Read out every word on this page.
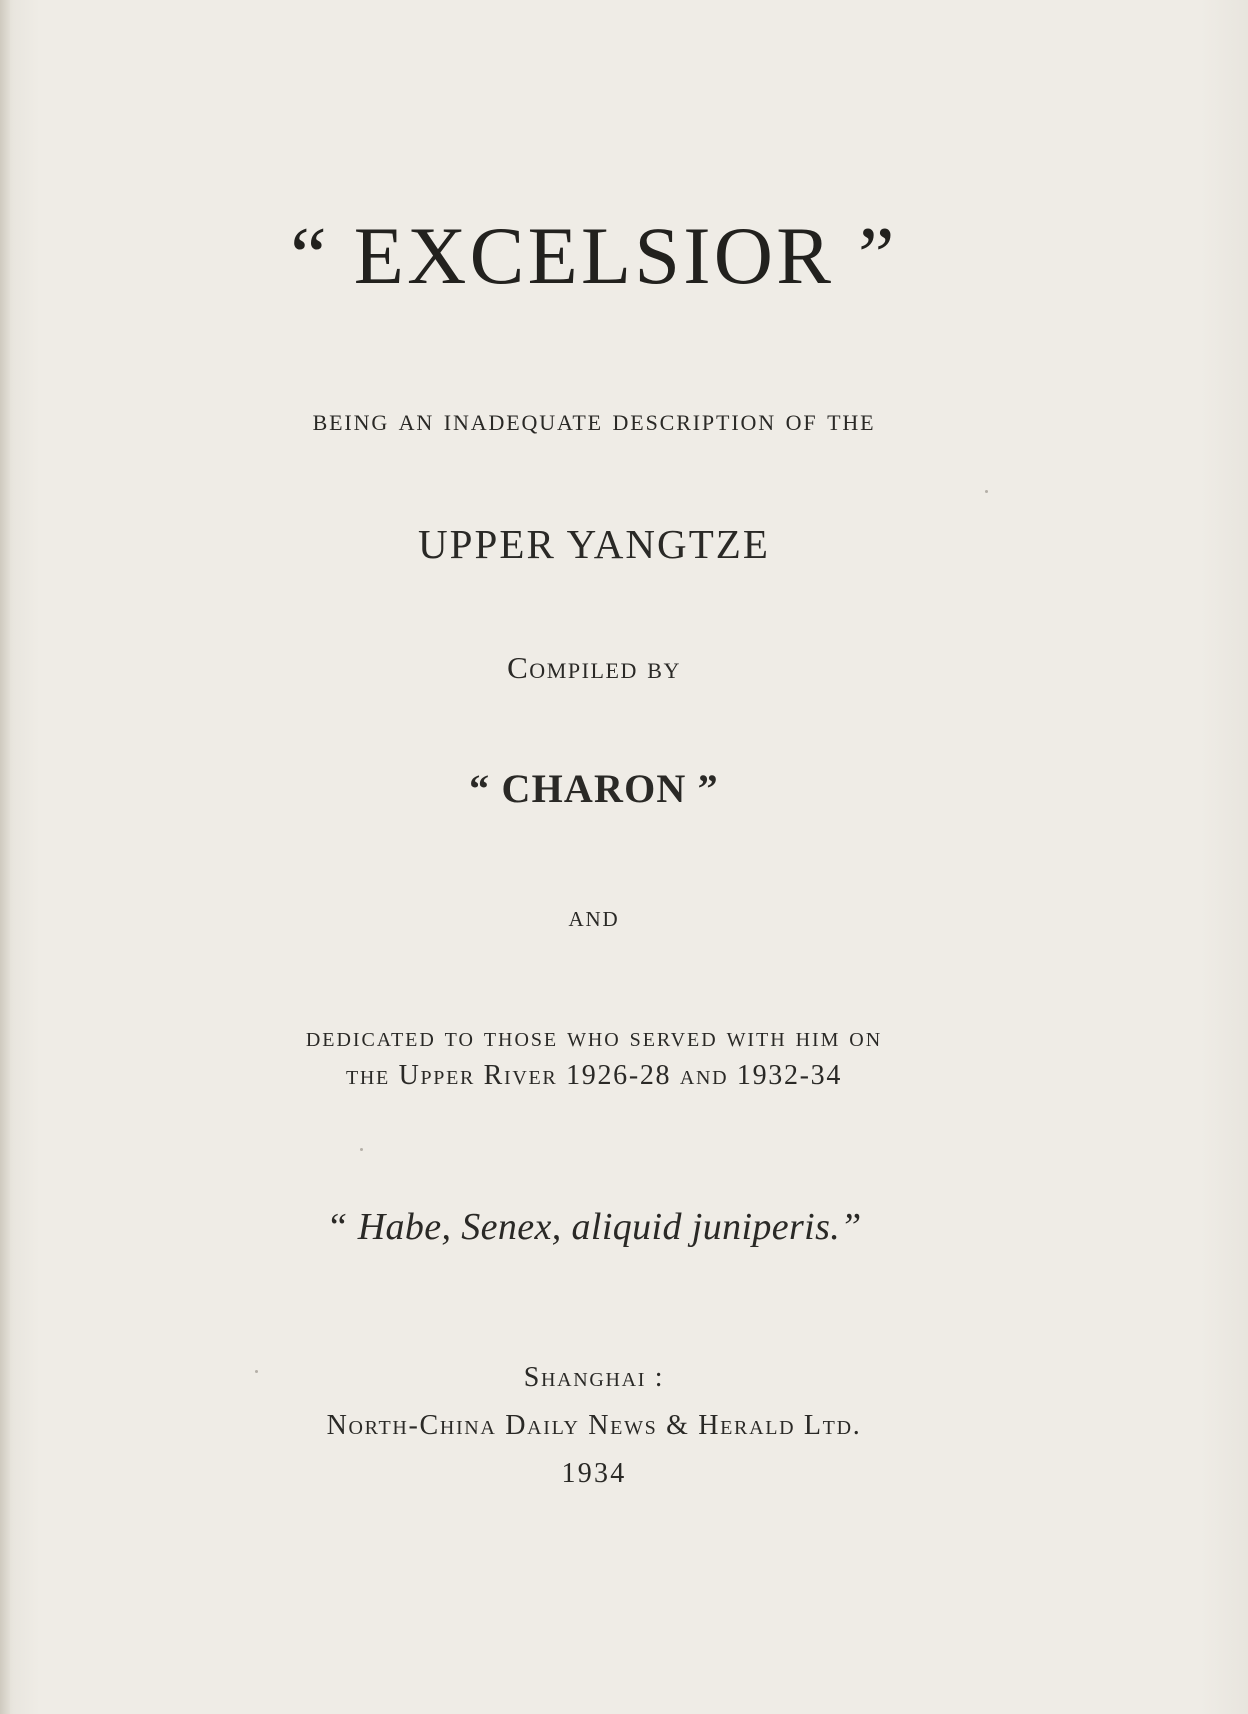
“ EXCELSIOR ”
being an inadequate description of the
UPPER YANGTZE
Compiled by
“ CHARON ”
and
dedicated to those who served with him on
the Upper River 1926-28 and 1932-34
“ Habe, Senex, aliquid juniperis.”
Shanghai :
North-China Daily News & Herald Ltd.
1934
